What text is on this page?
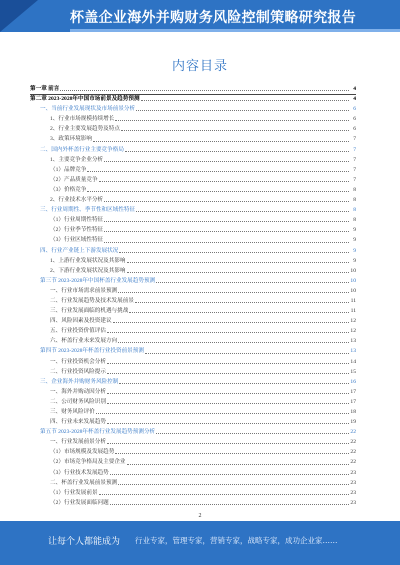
杯盖企业海外并购财务风险控制策略研究报告
内容目录
第一章 前言	4
第二章 2023-2028年中国市场前景及趋势预测	4
一、当前行业发展现状及市场前景分析	6
1、行业市场规模持续增长	6
2、行业主要发展趋势及特点	6
3、政策环境影响	7
二、国内外杯盖行业主要竞争格局	7
1、主要竞争企业分析	7
（1）品牌竞争	7
（2）产品质量竞争	7
（3）价格竞争	8
2、行业技术水平分析	8
三、行业周期性、季节性和区域性特征	8
（1）行业周期性特征	8
（2）行业季节性特征	9
（3）行业区域性特征	9
四、行业产业链上下游发展状况	9
1、上游行业发展状况及其影响	9
2、下游行业发展状况及其影响	10
第三节 2023-2028年中国杯盖行业发展趋势预测	10
一、行业市场需求前景预测	10
二、行业发展趋势及技术发展前景	11
三、行业发展面临的机遇与挑战	11
四、风险因素及投资建议	12
五、行业投资价值评估	12
六、杯盖行业未来发展方向	13
第四节 2023-2028年杯盖行业投资前景预测	13
一、行业投资机会分析	14
二、行业投资风险提示	15
三、企业海外并购财务风险控制	16
一、海外并购动因分析	17
二、公司财务风险识别	17
三、财务风险评价	18
四、行业未来发展趋势	19
第五节 2023-2028年杯盖行业发展趋势预测分析	22
一、行业发展前景分析	22
（1）市场规模及发展趋势	22
（2）市场竞争格局及主要企业	22
（3）行业技术发展趋势	23
二、杯盖行业发展前景预测	23
（1）行业发展前景	23
（2）行业发展面临问题	23
2
让每个人都能成为 行业专家，管理专家，营销专家，战略专家，成功企业家……
